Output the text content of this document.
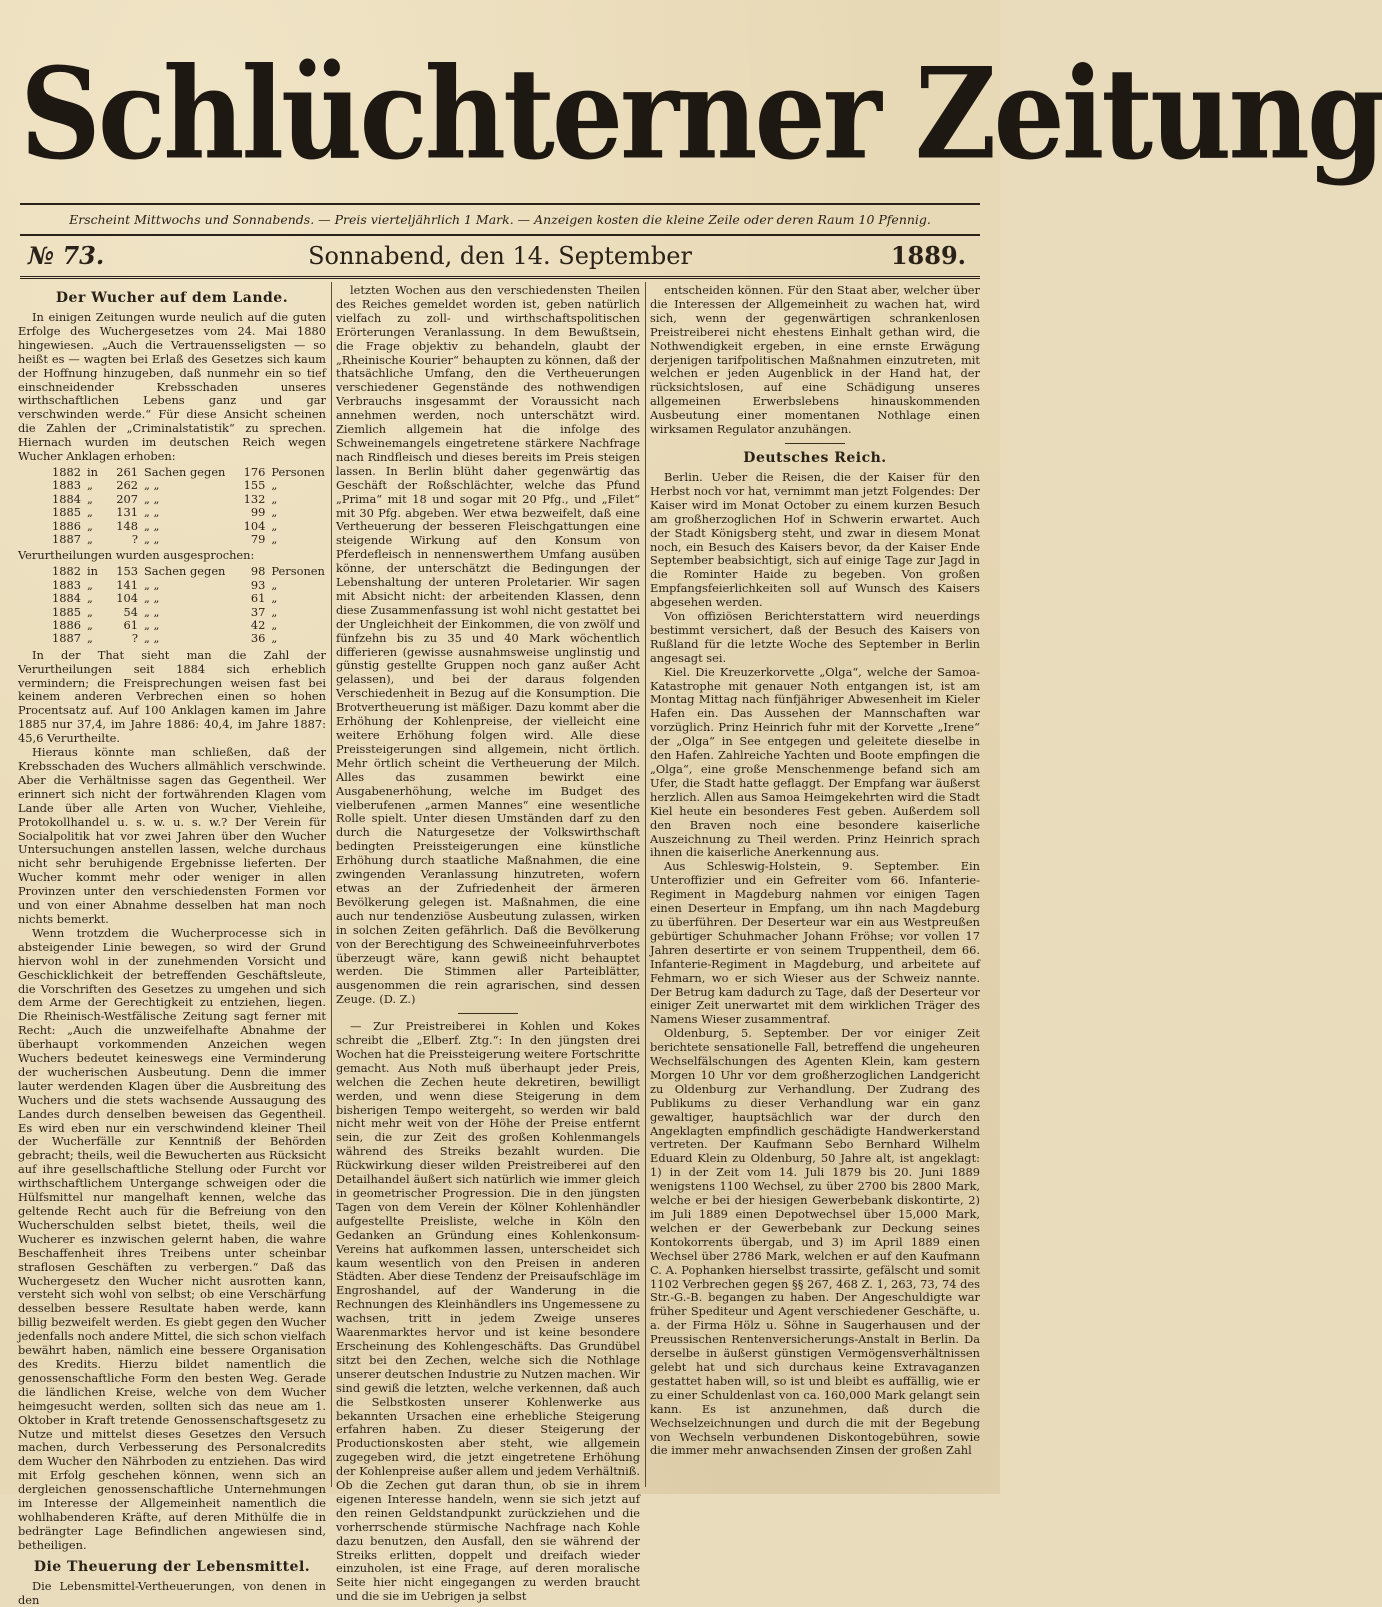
Schlüchterner Zeitung
Erscheint Mittwochs und Sonnabends. — Preis vierteljährlich 1 Mark. — Anzeigen kosten die kleine Zeile oder deren Raum 10 Pfennig.
№ 73.	Sonnabend, den 14. September	1889.
Der Wucher auf dem Lande.

In einigen Zeitungen wurde neulich auf die guten Erfolge des Wuchergesetzes vom 24. Mai 1880 hingewiesen. „Auch die Vertrauensseligsten — so heißt es — wagten bei Erlaß des Gesetzes sich kaum der Hoffnung hinzugeben, daß nunmehr ein so tief einschneidender Krebsschaden unseres wirthschaftlichen Lebens ganz und gar verschwinden werde.“ Für diese Ansicht scheinen die Zahlen der „Criminalstatistik“ zu sprechen. Hiernach wurden im deutschen Reich wegen Wucher Anklagen erhoben:

1882	in	261	Sachen gegen	176	Personen
1883	„	262	„ „	155	„
1884	„	207	„ „	132	„
1885	„	131	„ „	99	„
1886	„	148	„ „	104	„
1887	„	?	„ „	79	„

Verurtheilungen wurden ausgesprochen:

1882	in	153	Sachen gegen	98	Personen
1883	„	141	„ „	93	„
1884	„	104	„ „	61	„
1885	„	54	„ „	37	„
1886	„	61	„ „	42	„
1887	„	?	„ „	36	„

In der That sieht man die Zahl der Verurtheilungen seit 1884 sich erheblich vermindern; die Freisprechungen weisen fast bei keinem anderen Verbrechen einen so hohen Procentsatz auf. Auf 100 Anklagen kamen im Jahre 1885 nur 37,4, im Jahre 1886: 40,4, im Jahre 1887: 45,6 Verurtheilte.

Hieraus könnte man schließen, daß der Krebsschaden des Wuchers allmählich verschwinde. Aber die Verhältnisse sagen das Gegentheil. Wer erinnert sich nicht der fortwährenden Klagen vom Lande über alle Arten von Wucher, Viehleihe, Protokollhandel u. s. w. u. s. w.? Der Verein für Socialpolitik hat vor zwei Jahren über den Wucher Untersuchungen anstellen lassen, welche durchaus nicht sehr beruhigende Ergebnisse lieferten. Der Wucher kommt mehr oder weniger in allen Provinzen unter den verschiedensten Formen vor und von einer Abnahme desselben hat man noch nichts bemerkt.

Wenn trotzdem die Wucherprocesse sich in absteigender Linie bewegen, so wird der Grund hiervon wohl in der zunehmenden Vorsicht und Geschicklichkeit der betreffenden Geschäftsleute, die Vorschriften des Gesetzes zu umgehen und sich dem Arme der Gerechtigkeit zu entziehen, liegen. Die Rheinisch-Westfälische Zeitung sagt ferner mit Recht: „Auch die unzweifelhafte Abnahme der überhaupt vorkommenden Anzeichen wegen Wuchers bedeutet keineswegs eine Verminderung der wucherischen Ausbeutung. Denn die immer lauter werdenden Klagen über die Ausbreitung des Wuchers und die stets wachsende Aussaugung des Landes durch denselben beweisen das Gegentheil. Es wird eben nur ein verschwindend kleiner Theil der Wucherfälle zur Kenntniß der Behörden gebracht; theils, weil die Bewucherten aus Rücksicht auf ihre gesellschaftliche Stellung oder Furcht vor wirthschaftlichem Untergange schweigen oder die Hülfsmittel nur mangelhaft kennen, welche das geltende Recht auch für die Befreiung von den Wucherschulden selbst bietet, theils, weil die Wucherer es inzwischen gelernt haben, die wahre Beschaffenheit ihres Treibens unter scheinbar straflosen Geschäften zu verbergen.“ Daß das Wuchergesetz den Wucher nicht ausrotten kann, versteht sich wohl von selbst; ob eine Verschärfung desselben bessere Resultate haben werde, kann billig bezweifelt werden. Es giebt gegen den Wucher jedenfalls noch andere Mittel, die sich schon vielfach bewährt haben, nämlich eine bessere Organisation des Kredits. Hierzu bildet namentlich die genossenschaftliche Form den besten Weg. Gerade die ländlichen Kreise, welche von dem Wucher heimgesucht werden, sollten sich das neue am 1. Oktober in Kraft tretende Genossenschaftsgesetz zu Nutze und mittelst dieses Gesetzes den Versuch machen, durch Verbesserung des Personalcredits dem Wucher den Nährboden zu entziehen. Das wird mit Erfolg geschehen können, wenn sich an dergleichen genossenschaftliche Unternehmungen im Interesse der Allgemeinheit namentlich die wohlhabenderen Kräfte, auf deren Mithülfe die in bedrängter Lage Befindlichen angewiesen sind, betheiligen.

Die Theuerung der Lebensmittel.

Die Lebensmittel-Vertheuerungen, von denen in den

letzten Wochen aus den verschiedensten Theilen des Reiches gemeldet worden ist, geben natürlich vielfach zu zoll- und wirthschaftspolitischen Erörterungen Veranlassung. In dem Bewußtsein, die Frage objektiv zu behandeln, glaubt der „Rheinische Kourier“ behaupten zu können, daß der thatsächliche Umfang, den die Vertheuerungen verschiedener Gegenstände des nothwendigen Verbrauchs insgesammt der Voraussicht nach annehmen werden, noch unterschätzt wird. Ziemlich allgemein hat die infolge des Schweinemangels eingetretene stärkere Nachfrage nach Rindfleisch und dieses bereits im Preis steigen lassen. In Berlin blüht daher gegenwärtig das Geschäft der Roßschlächter, welche das Pfund „Prima“ mit 18 und sogar mit 20 Pfg., und „Filet“ mit 30 Pfg. abgeben. Wer etwa bezweifelt, daß eine Vertheuerung der besseren Fleischgattungen eine steigende Wirkung auf den Konsum von Pferdefleisch in nennenswerthem Umfang ausüben könne, der unterschätzt die Bedingungen der Lebenshaltung der unteren Proletarier. Wir sagen mit Absicht nicht: der arbeitenden Klassen, denn diese Zusammenfassung ist wohl nicht gestattet bei der Ungleichheit der Einkommen, die von zwölf und fünfzehn bis zu 35 und 40 Mark wöchentlich differieren (gewisse ausnahmsweise unglinstig und günstig gestellte Gruppen noch ganz außer Acht gelassen), und bei der daraus folgenden Verschiedenheit in Bezug auf die Konsumption. Die Brotvertheuerung ist mäßiger. Dazu kommt aber die Erhöhung der Kohlenpreise, der vielleicht eine weitere Erhöhung folgen wird. Alle diese Preissteigerungen sind allgemein, nicht örtlich. Mehr örtlich scheint die Vertheuerung der Milch. Alles das zusammen bewirkt eine Ausgabenerhöhung, welche im Budget des vielberufenen „armen Mannes“ eine wesentliche Rolle spielt. Unter diesen Umständen darf zu den durch die Naturgesetze der Volkswirthschaft bedingten Preissteigerungen eine künstliche Erhöhung durch staatliche Maßnahmen, die eine zwingenden Veranlassung hinzutreten, wofern etwas an der Zufriedenheit der ärmeren Bevölkerung gelegen ist. Maßnahmen, die eine auch nur tendenziöse Ausbeutung zulassen, wirken in solchen Zeiten gefährlich. Daß die Bevölkerung von der Berechtigung des Schweineeinfuhrverbotes überzeugt wäre, kann gewiß nicht behauptet werden. Die Stimmen aller Parteiblätter, ausgenommen die rein agrarischen, sind dessen Zeuge. (D. Z.)

— Zur Preistreiberei in Kohlen und Kokes schreibt die „Elberf. Ztg.“: In den jüngsten drei Wochen hat die Preissteigerung weitere Fortschritte gemacht. Aus Noth muß überhaupt jeder Preis, welchen die Zechen heute dekretiren, bewilligt werden, und wenn diese Steigerung in dem bisherigen Tempo weitergeht, so werden wir bald nicht mehr weit von der Höhe der Preise entfernt sein, die zur Zeit des großen Kohlenmangels während des Streiks bezahlt wurden. Die Rückwirkung dieser wilden Preistreiberei auf den Detailhandel äußert sich natürlich wie immer gleich in geometrischer Progression. Die in den jüngsten Tagen von dem Verein der Kölner Kohlenhändler aufgestellte Preisliste, welche in Köln den Gedanken an Gründung eines Kohlenkonsum-Vereins hat aufkommen lassen, unterscheidet sich kaum wesentlich von den Preisen in anderen Städten. Aber diese Tendenz der Preisaufschläge im Engroshandel, auf der Wanderung in die Rechnungen des Kleinhändlers ins Ungemessene zu wachsen, tritt in jedem Zweige unseres Waarenmarktes hervor und ist keine besondere Erscheinung des Kohlengeschäfts. Das Grundübel sitzt bei den Zechen, welche sich die Nothlage unserer deutschen Industrie zu Nutzen machen. Wir sind gewiß die letzten, welche verkennen, daß auch die Selbstkosten unserer Kohlenwerke aus bekannten Ursachen eine erhebliche Steigerung erfahren haben. Zu dieser Steigerung der Productionskosten aber steht, wie allgemein zugegeben wird, die jetzt eingetretene Erhöhung der Kohlenpreise außer allem und jedem Verhältniß. Ob die Zechen gut daran thun, ob sie in ihrem eigenen Interesse handeln, wenn sie sich jetzt auf den reinen Geldstandpunkt zurückziehen und die vorherrschende stürmische Nachfrage nach Kohle dazu benutzen, den Ausfall, den sie während der Streiks erlitten, doppelt und dreifach wieder einzuholen, ist eine Frage, auf deren moralische Seite hier nicht eingegangen zu werden braucht und die sie im Uebrigen ja selbst

entscheiden können. Für den Staat aber, welcher über die Interessen der Allgemeinheit zu wachen hat, wird sich, wenn der gegenwärtigen schrankenlosen Preistreiberei nicht ehestens Einhalt gethan wird, die Nothwendigkeit ergeben, in eine ernste Erwägung derjenigen tarifpolitischen Maßnahmen einzutreten, mit welchen er jeden Augenblick in der Hand hat, der rücksichtslosen, auf eine Schädigung unseres allgemeinen Erwerbslebens hinauskommenden Ausbeutung einer momentanen Nothlage einen wirksamen Regulator anzuhängen.

Deutsches Reich.

Berlin. Ueber die Reisen, die der Kaiser für den Herbst noch vor hat, vernimmt man jetzt Folgendes: Der Kaiser wird im Monat October zu einem kurzen Besuch am großherzoglichen Hof in Schwerin erwartet. Auch der Stadt Königsberg steht, und zwar in diesem Monat noch, ein Besuch des Kaisers bevor, da der Kaiser Ende September beabsichtigt, sich auf einige Tage zur Jagd in die Rominter Haide zu begeben. Von großen Empfangsfeierlichkeiten soll auf Wunsch des Kaisers abgesehen werden.

Von offiziösen Berichterstattern wird neuerdings bestimmt versichert, daß der Besuch des Kaisers von Rußland für die letzte Woche des September in Berlin angesagt sei.

Kiel. Die Kreuzerkorvette „Olga“, welche der Samoa-Katastrophe mit genauer Noth entgangen ist, ist am Montag Mittag nach fünfjähriger Abwesenheit im Kieler Hafen ein. Das Aussehen der Mannschaften war vorzüglich. Prinz Heinrich fuhr mit der Korvette „Irene“ der „Olga“ in See entgegen und geleitete dieselbe in den Hafen. Zahlreiche Yachten und Boote empfingen die „Olga“, eine große Menschenmenge befand sich am Ufer, die Stadt hatte geflaggt. Der Empfang war äußerst herzlich. Allen aus Samoa Heimgekehrten wird die Stadt Kiel heute ein besonderes Fest geben. Außerdem soll den Braven noch eine besondere kaiserliche Auszeichnung zu Theil werden. Prinz Heinrich sprach ihnen die kaiserliche Anerkennung aus.

Aus Schleswig-Holstein, 9. September. Ein Unteroffizier und ein Gefreiter vom 66. Infanterie-Regiment in Magdeburg nahmen vor einigen Tagen einen Deserteur in Empfang, um ihn nach Magdeburg zu überführen. Der Deserteur war ein aus Westpreußen gebürtiger Schuhmacher Johann Fröhse; vor vollen 17 Jahren desertirte er von seinem Truppentheil, dem 66. Infanterie-Regiment in Magdeburg, und arbeitete auf Fehmarn, wo er sich Wieser aus der Schweiz nannte. Der Betrug kam dadurch zu Tage, daß der Deserteur vor einiger Zeit unerwartet mit dem wirklichen Träger des Namens Wieser zusammentraf.

Oldenburg, 5. September. Der vor einiger Zeit berichtete sensationelle Fall, betreffend die ungeheuren Wechselfälschungen des Agenten Klein, kam gestern Morgen 10 Uhr vor dem großherzoglichen Landgericht zu Oldenburg zur Verhandlung. Der Zudrang des Publikums zu dieser Verhandlung war ein ganz gewaltiger, hauptsächlich war der durch den Angeklagten empfindlich geschädigte Handwerkerstand vertreten. Der Kaufmann Sebo Bernhard Wilhelm Eduard Klein zu Oldenburg, 50 Jahre alt, ist angeklagt: 1) in der Zeit vom 14. Juli 1879 bis 20. Juni 1889 wenigstens 1100 Wechsel, zu über 2700 bis 2800 Mark, welche er bei der hiesigen Gewerbebank diskontirte, 2) im Juli 1889 einen Depotwechsel über 15,000 Mark, welchen er der Gewerbebank zur Deckung seines Kontokorrents übergab, und 3) im April 1889 einen Wechsel über 2786 Mark, welchen er auf den Kaufmann C. A. Pophanken hierselbst trassirte, gefälscht und somit 1102 Verbrechen gegen §§ 267, 468 Z. 1, 263, 73, 74 des Str.-G.-B. begangen zu haben. Der Angeschuldigte war früher Spediteur und Agent verschiedener Geschäfte, u. a. der Firma Hölz u. Söhne in Saugerhausen und der Preussischen Rentenversicherungs-Anstalt in Berlin. Da derselbe in äußerst günstigen Vermögensverhältnissen gelebt hat und sich durchaus keine Extravaganzen gestattet haben will, so ist und bleibt es auffällig, wie er zu einer Schuldenlast von ca. 160,000 Mark gelangt sein kann. Es ist anzunehmen, daß durch die Wechselzeichnungen und durch die mit der Begebung von Wechseln verbundenen Diskontogebühren, sowie die immer mehr anwachsenden Zinsen der großen Zahl
